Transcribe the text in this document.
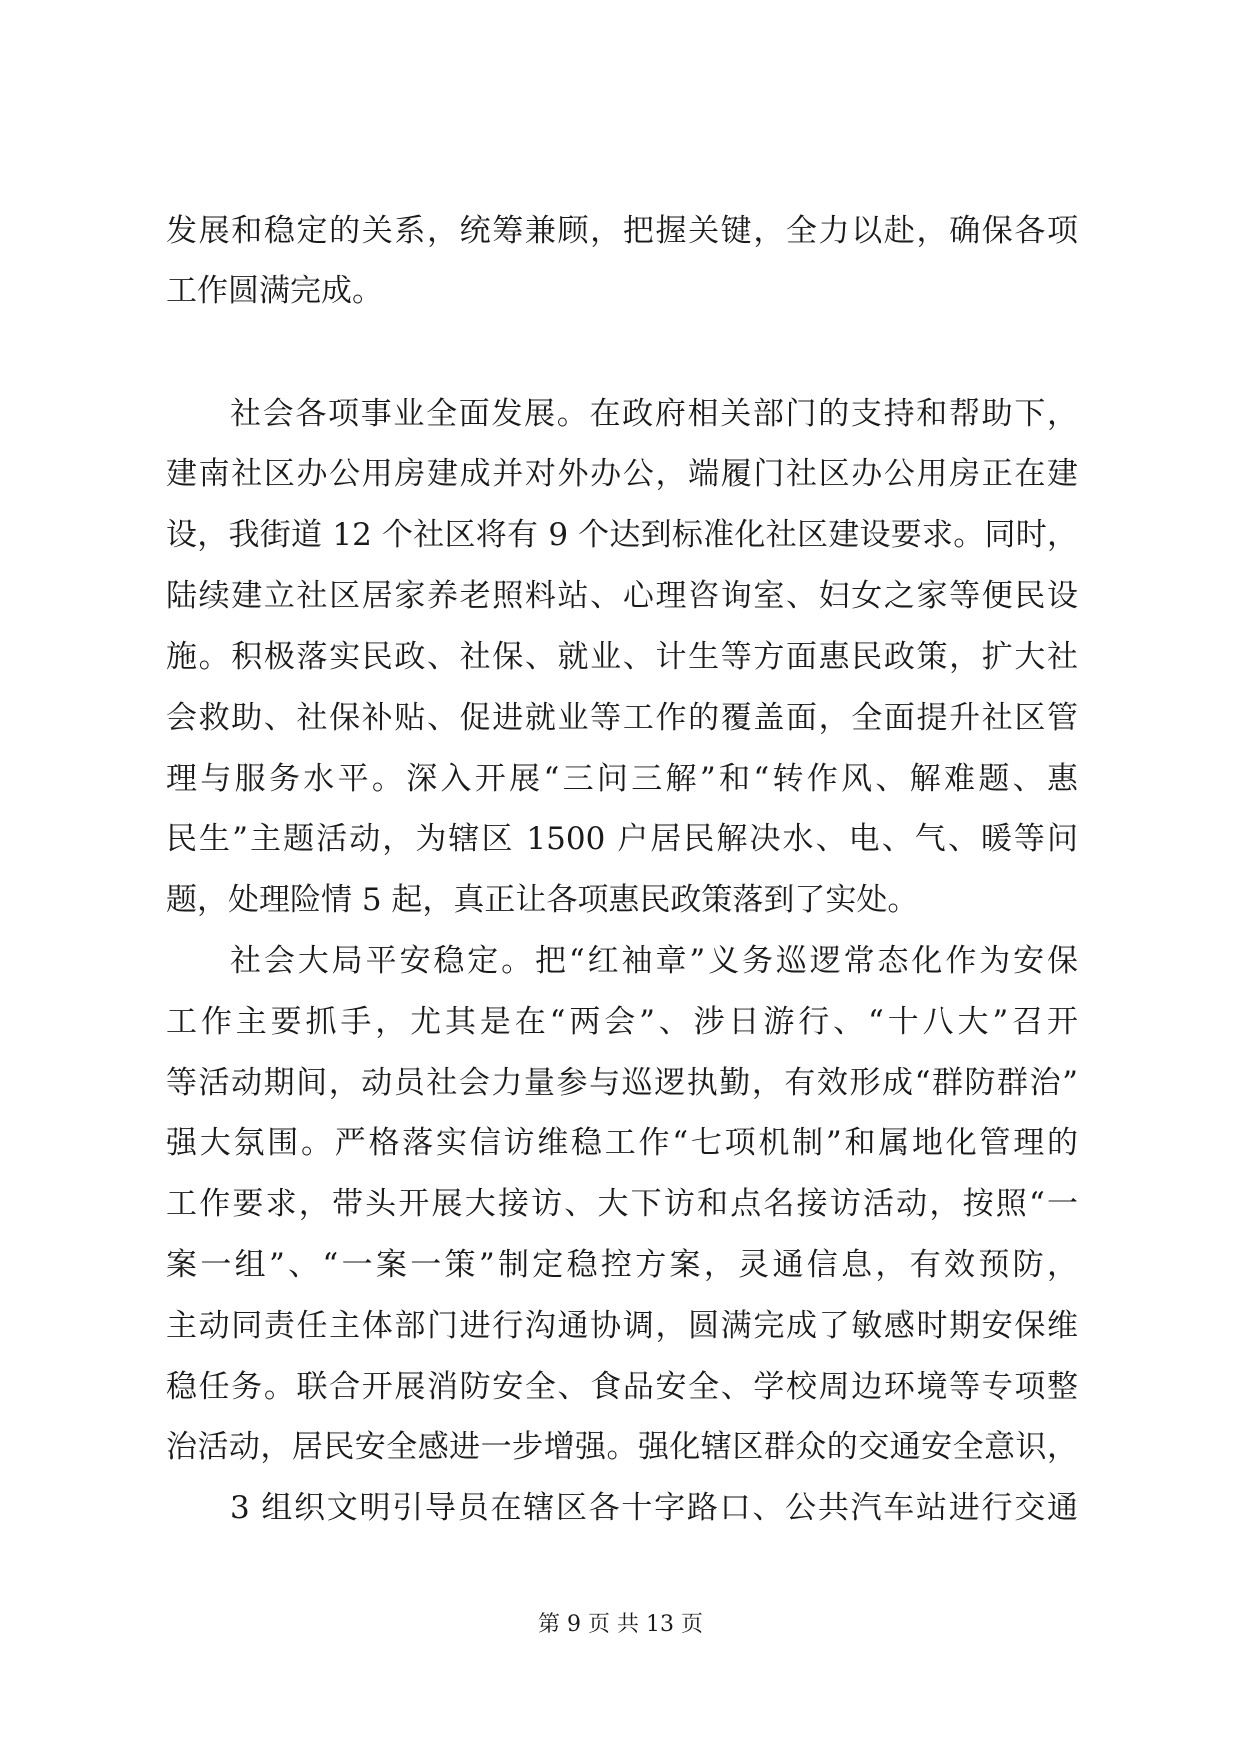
发展和稳定的关系，统筹兼顾，把握关键，全力以赴，确保各项
工作圆满完成。
社会各项事业全面发展。在政府相关部门的支持和帮助下，
建南社区办公用房建成并对外办公，端履门社区办公用房正在建
设，我街道 12 个社区将有 9 个达到标准化社区建设要求。同时，
陆续建立社区居家养老照料站、心理咨询室、妇女之家等便民设
施。积极落实民政、社保、就业、计生等方面惠民政策，扩大社
会救助、社保补贴、促进就业等工作的覆盖面，全面提升社区管
理与服务水平。深入开展“三问三解”和“转作风、解难题、惠
民生”主题活动，为辖区 1500 户居民解决水、电、气、暖等问
题，处理险情 5 起，真正让各项惠民政策落到了实处。
社会大局平安稳定。把“红袖章”义务巡逻常态化作为安保
工作主要抓手，尤其是在“两会”、涉日游行、“十八大”召开
等活动期间，动员社会力量参与巡逻执勤，有效形成“群防群治”
强大氛围。严格落实信访维稳工作“七项机制”和属地化管理的
工作要求，带头开展大接访、大下访和点名接访活动，按照“一
案一组”、“一案一策”制定稳控方案，灵通信息，有效预防，
主动同责任主体部门进行沟通协调，圆满完成了敏感时期安保维
稳任务。联合开展消防安全、食品安全、学校周边环境等专项整
治活动，居民安全感进一步增强。强化辖区群众的交通安全意识，
3 组织文明引导员在辖区各十字路口、公共汽车站进行交通
第 9 页 共 13 页
